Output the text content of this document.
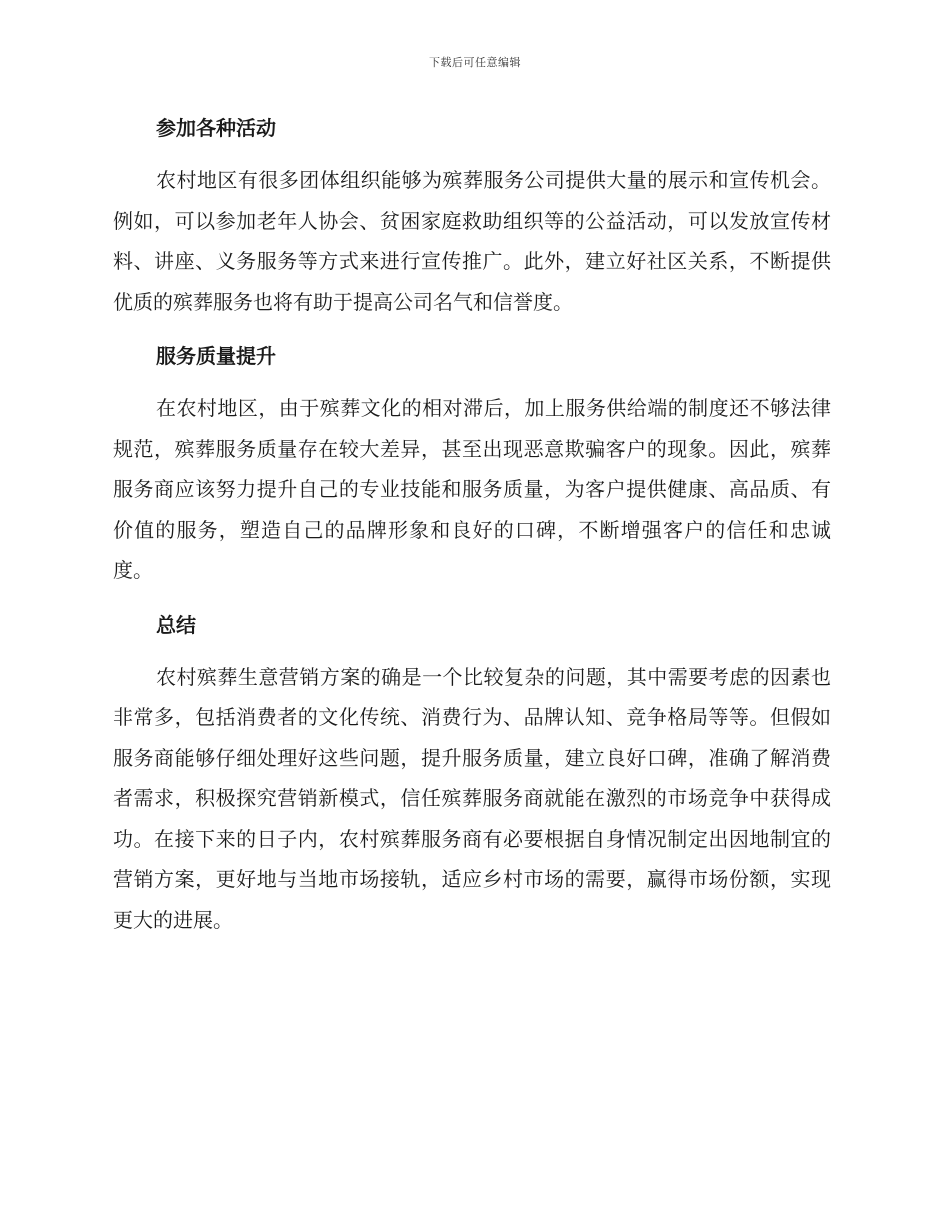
下载后可任意编辑
参加各种活动

农村地区有很多团体组织能够为殡葬服务公司提供大量的展示和宣传机会。例如，可以参加老年人协会、贫困家庭救助组织等的公益活动，可以发放宣传材料、讲座、义务服务等方式来进行宣传推广。此外，建立好社区关系，不断提供优质的殡葬服务也将有助于提高公司名气和信誉度。

服务质量提升

在农村地区，由于殡葬文化的相对滞后，加上服务供给端的制度还不够法律规范，殡葬服务质量存在较大差异，甚至出现恶意欺骗客户的现象。因此，殡葬服务商应该努力提升自己的专业技能和服务质量，为客户提供健康、高品质、有价值的服务，塑造自己的品牌形象和良好的口碑，不断增强客户的信任和忠诚度。

总结

农村殡葬生意营销方案的确是一个比较复杂的问题，其中需要考虑的因素也非常多，包括消费者的文化传统、消费行为、品牌认知、竞争格局等等。但假如服务商能够仔细处理好这些问题，提升服务质量，建立良好口碑，准确了解消费者需求，积极探究营销新模式，信任殡葬服务商就能在激烈的市场竞争中获得成功。在接下来的日子内，农村殡葬服务商有必要根据自身情况制定出因地制宜的营销方案，更好地与当地市场接轨，适应乡村市场的需要，赢得市场份额，实现更大的进展。
